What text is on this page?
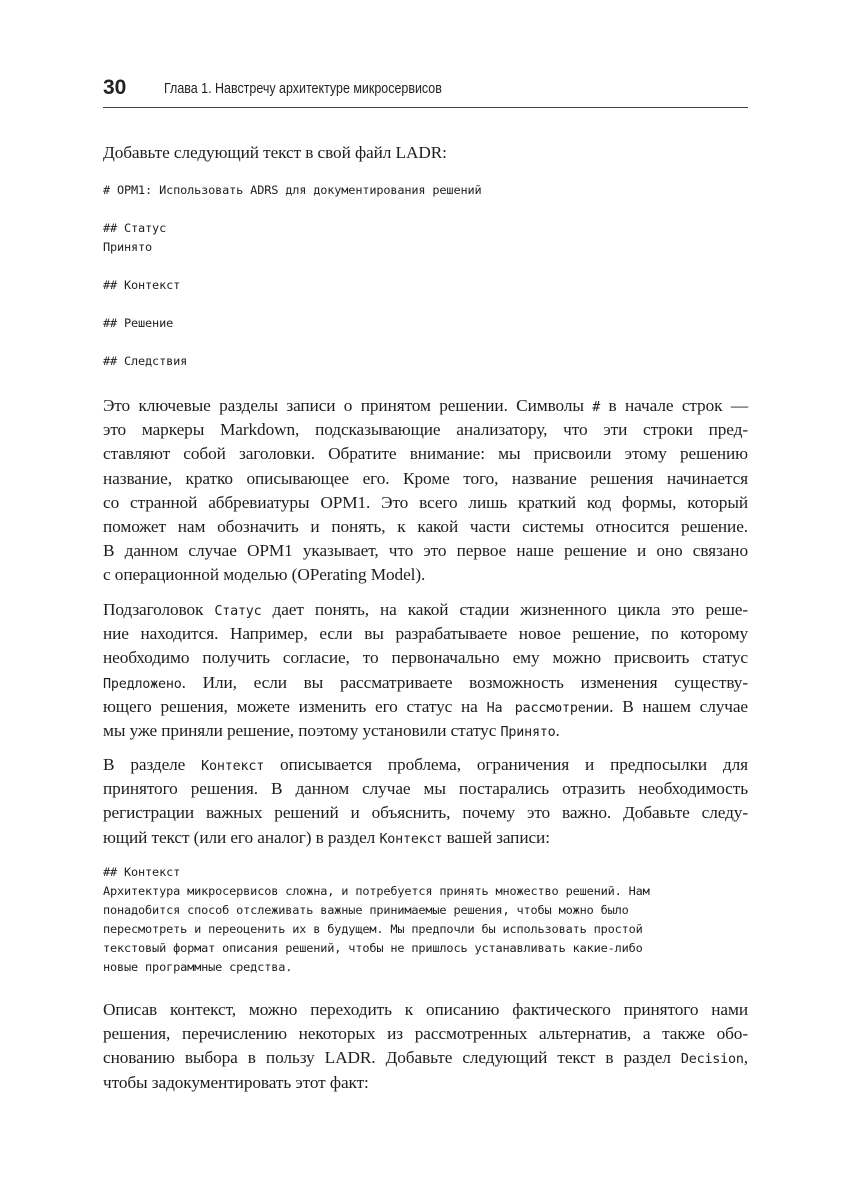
30	Глава 1. Навстречу архитектуре микросервисов
Добавьте следующий текст в свой файл LADR:
# OPM1: Использовать ADRS для документирования решений
## Статус
Принято
## Контекст
## Решение
## Следствия
Это ключевые разделы записи о принятом решении. Символы # в начале строк —
это маркеры Markdown, подсказывающие анализатору, что эти строки пред-
ставляют собой заголовки. Обратите внимание: мы присвоили этому решению
название, кратко описывающее его. Кроме того, название решения начинается
со странной аббревиатуры OPM1. Это всего лишь краткий код формы, который
поможет нам обозначить и понять, к какой части системы относится решение.
В данном случае OPM1 указывает, что это первое наше решение и оно связано
с операционной моделью (OPerating Model).
Подзаголовок Статус дает понять, на какой стадии жизненного цикла это реше-
ние находится. Например, если вы разрабатываете новое решение, по которому
необходимо получить согласие, то первоначально ему можно присвоить статус
Предложено. Или, если вы рассматриваете возможность изменения существу-
ющего решения, можете изменить его статус на На рассмотрении. В нашем случае
мы уже приняли решение, поэтому установили статус Принято.
В разделе Контекст описывается проблема, ограничения и предпосылки для
принятого решения. В данном случае мы постарались отразить необходимость
регистрации важных решений и объяснить, почему это важно. Добавьте следу-
ющий текст (или его аналог) в раздел Контекст вашей записи:
## Контекст
Архитектура микросервисов сложна, и потребуется принять множество решений. Нам
понадобится способ отслеживать важные принимаемые решения, чтобы можно было
пересмотреть и переоценить их в будущем. Мы предпочли бы использовать простой
текстовый формат описания решений, чтобы не пришлось устанавливать какие-либо
новые программные средства.
Описав контекст, можно переходить к описанию фактического принятого нами
решения, перечислению некоторых из рассмотренных альтернатив, а также обо-
снованию выбора в пользу LADR. Добавьте следующий текст в раздел Decision,
чтобы задокументировать этот факт:
